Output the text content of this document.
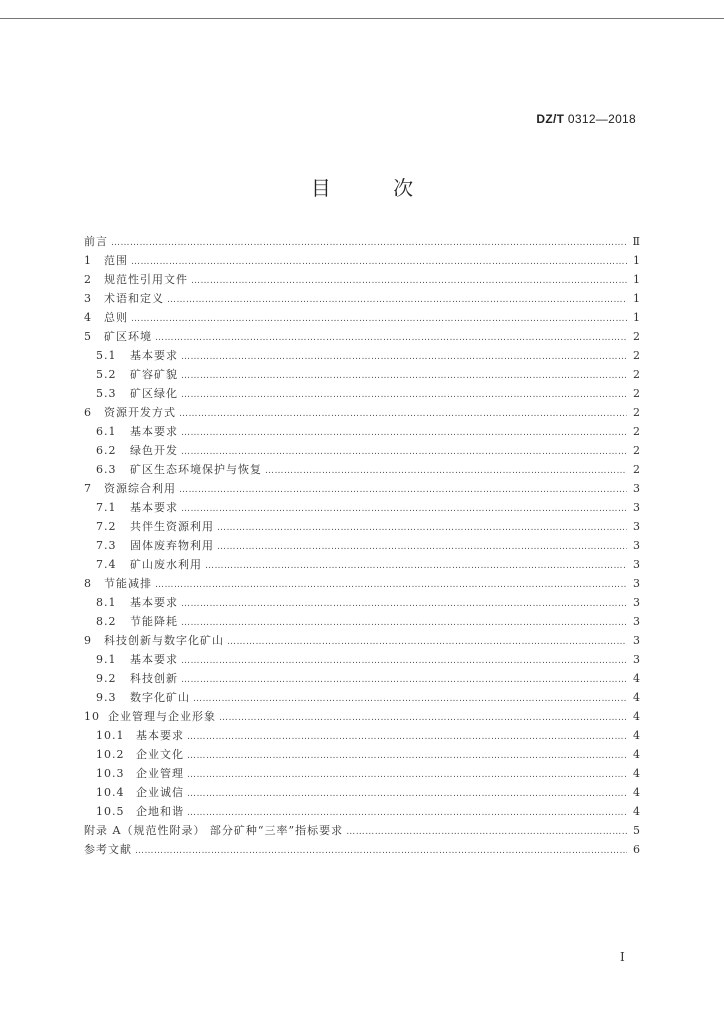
DZ/T 0312—2018
目 次
前言 ………………………………………………………………………………………………………………………………………………………………………………………………………………………………………………	Ⅱ
1 范围 ………………………………………………………………………………………………………………………………………………………………………………………………………………………………………………	1
2 规范性引用文件 ………………………………………………………………………………………………………………………………………………………………………………………………………………………………………………	1
3 术语和定义 ………………………………………………………………………………………………………………………………………………………………………………………………………………………………………………	1
4 总则 ………………………………………………………………………………………………………………………………………………………………………………………………………………………………………………	1
5 矿区环境 ………………………………………………………………………………………………………………………………………………………………………………………………………………………………………………	2
5.1 基本要求 ………………………………………………………………………………………………………………………………………………………………………………………………………………………………………………	2
5.2 矿容矿貌 ………………………………………………………………………………………………………………………………………………………………………………………………………………………………………………	2
5.3 矿区绿化 ………………………………………………………………………………………………………………………………………………………………………………………………………………………………………………	2
6 资源开发方式 ………………………………………………………………………………………………………………………………………………………………………………………………………………………………………………	2
6.1 基本要求 ………………………………………………………………………………………………………………………………………………………………………………………………………………………………………………	2
6.2 绿色开发 ………………………………………………………………………………………………………………………………………………………………………………………………………………………………………………	2
6.3 矿区生态环境保护与恢复 ………………………………………………………………………………………………………………………………………………………………………………………………………………………………………………	2
7 资源综合利用 ………………………………………………………………………………………………………………………………………………………………………………………………………………………………………………	3
7.1 基本要求 ………………………………………………………………………………………………………………………………………………………………………………………………………………………………………………	3
7.2 共伴生资源利用 ………………………………………………………………………………………………………………………………………………………………………………………………………………………………………………	3
7.3 固体废弃物利用 ………………………………………………………………………………………………………………………………………………………………………………………………………………………………………………	3
7.4 矿山废水利用 ………………………………………………………………………………………………………………………………………………………………………………………………………………………………………………	3
8 节能减排 ………………………………………………………………………………………………………………………………………………………………………………………………………………………………………………	3
8.1 基本要求 ………………………………………………………………………………………………………………………………………………………………………………………………………………………………………………	3
8.2 节能降耗 ………………………………………………………………………………………………………………………………………………………………………………………………………………………………………………	3
9 科技创新与数字化矿山 ………………………………………………………………………………………………………………………………………………………………………………………………………………………………………………	3
9.1 基本要求 ………………………………………………………………………………………………………………………………………………………………………………………………………………………………………………	3
9.2 科技创新 ………………………………………………………………………………………………………………………………………………………………………………………………………………………………………………	4
9.3 数字化矿山 ………………………………………………………………………………………………………………………………………………………………………………………………………………………………………………	4
10 企业管理与企业形象 ………………………………………………………………………………………………………………………………………………………………………………………………………………………………………………	4
10.1 基本要求 ………………………………………………………………………………………………………………………………………………………………………………………………………………………………………………	4
10.2 企业文化 ………………………………………………………………………………………………………………………………………………………………………………………………………………………………………………	4
10.3 企业管理 ………………………………………………………………………………………………………………………………………………………………………………………………………………………………………………	4
10.4 企业诚信 ………………………………………………………………………………………………………………………………………………………………………………………………………………………………………………	4
10.5 企地和谐 ………………………………………………………………………………………………………………………………………………………………………………………………………………………………………………	4
附录 A（规范性附录） 部分矿种“三率”指标要求 ………………………………………………………………………………………………………………………………………………………………………………………………………………………………………………	5
参考文献 ………………………………………………………………………………………………………………………………………………………………………………………………………………………………………………	6
I
